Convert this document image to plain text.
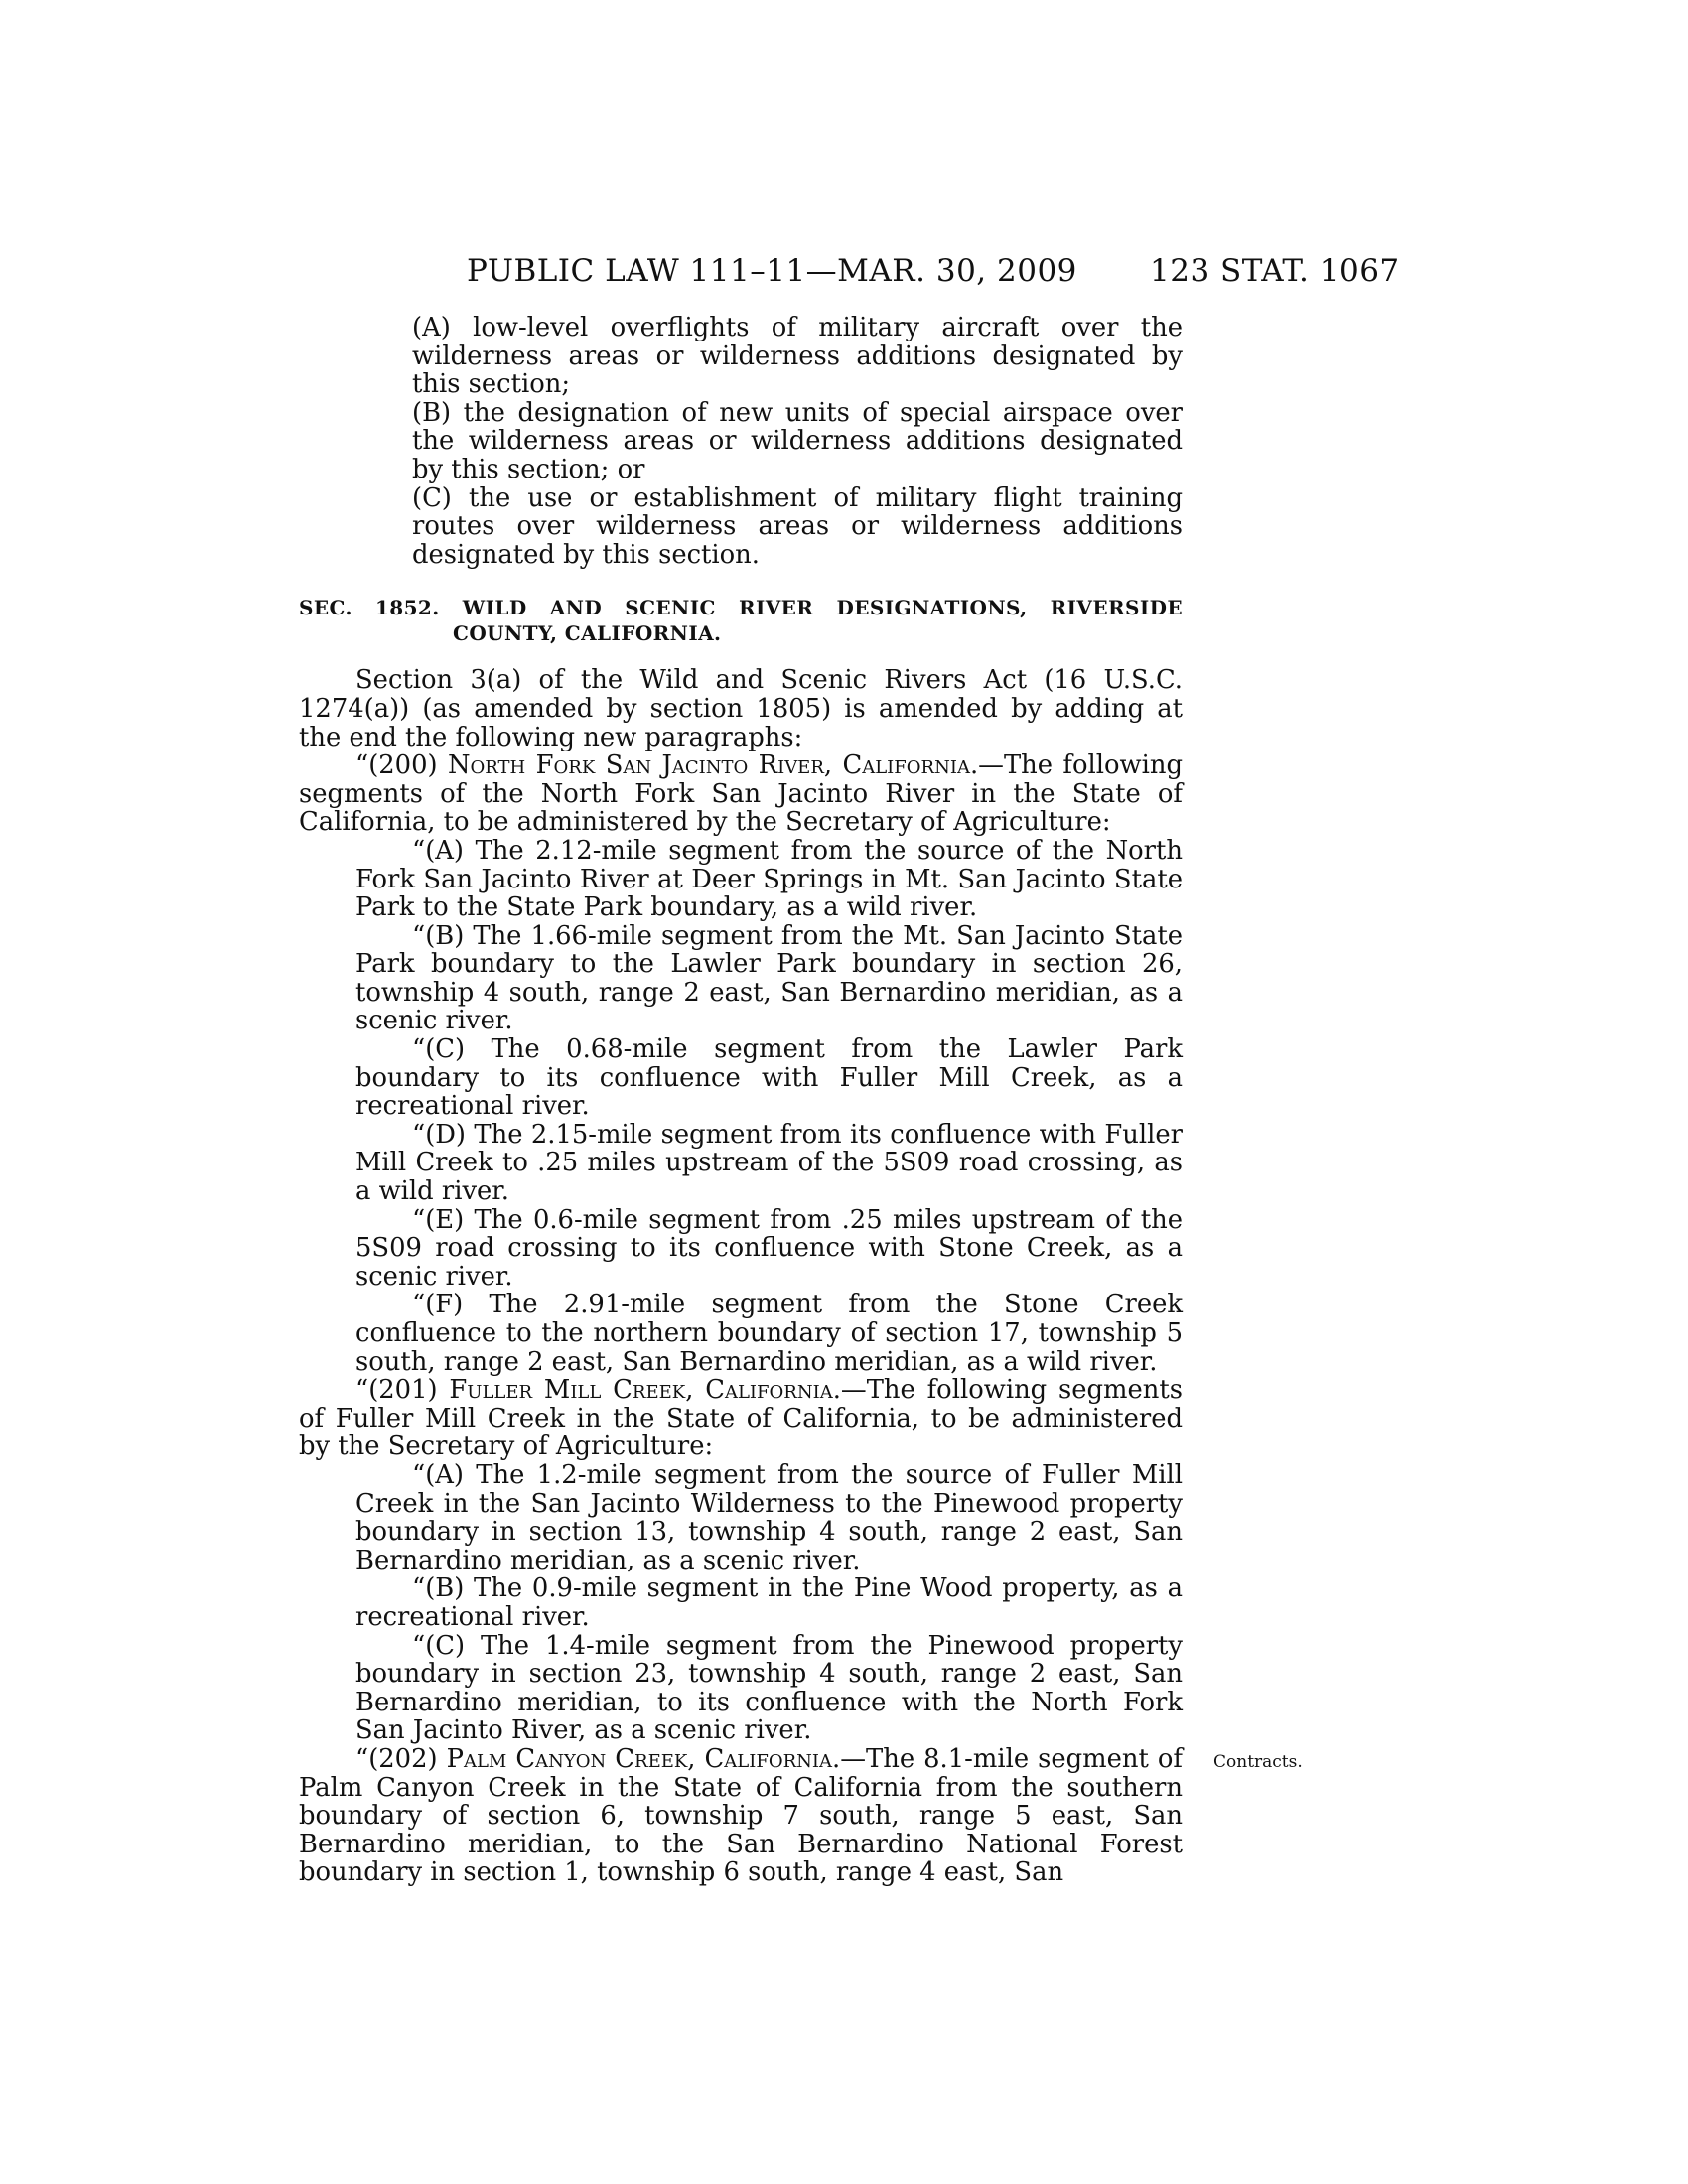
PUBLIC LAW 111–11—MAR. 30, 2009 123 STAT. 1067

(A) low-level overflights of military aircraft over the wilderness areas or wilderness additions designated by this section;

(B) the designation of new units of special airspace over the wilderness areas or wilderness additions designated by this section; or

(C) the use or establishment of military flight training routes over wilderness areas or wilderness additions designated by this section.

SEC. 1852. WILD AND SCENIC RIVER DESIGNATIONS, RIVERSIDE COUNTY, CALIFORNIA.

Section 3(a) of the Wild and Scenic Rivers Act (16 U.S.C. 1274(a)) (as amended by section 1805) is amended by adding at the end the following new paragraphs:

“(200) North Fork San Jacinto River, California.—The following segments of the North Fork San Jacinto River in the State of California, to be administered by the Secretary of Agriculture:

“(A) The 2.12-mile segment from the source of the North Fork San Jacinto River at Deer Springs in Mt. San Jacinto State Park to the State Park boundary, as a wild river.

“(B) The 1.66-mile segment from the Mt. San Jacinto State Park boundary to the Lawler Park boundary in section 26, township 4 south, range 2 east, San Bernardino meridian, as a scenic river.

“(C) The 0.68-mile segment from the Lawler Park boundary to its confluence with Fuller Mill Creek, as a recreational river.

“(D) The 2.15-mile segment from its confluence with Fuller Mill Creek to .25 miles upstream of the 5S09 road crossing, as a wild river.

“(E) The 0.6-mile segment from .25 miles upstream of the 5S09 road crossing to its confluence with Stone Creek, as a scenic river.

“(F) The 2.91-mile segment from the Stone Creek confluence to the northern boundary of section 17, township 5 south, range 2 east, San Bernardino meridian, as a wild river.

“(201) Fuller Mill Creek, California.—The following segments of Fuller Mill Creek in the State of California, to be administered by the Secretary of Agriculture:

“(A) The 1.2-mile segment from the source of Fuller Mill Creek in the San Jacinto Wilderness to the Pinewood property boundary in section 13, township 4 south, range 2 east, San Bernardino meridian, as a scenic river.

“(B) The 0.9-mile segment in the Pine Wood property, as a recreational river.

“(C) The 1.4-mile segment from the Pinewood property boundary in section 23, township 4 south, range 2 east, San Bernardino meridian, to its confluence with the North Fork San Jacinto River, as a scenic river.

“(202) Palm Canyon Creek, California.—The 8.1-mile segment of Palm Canyon Creek in the State of California from the southern boundary of section 6, township 7 south, range 5 east, San Bernardino meridian, to the San Bernardino National Forest boundary in section 1, township 6 south, range 4 east, San

Contracts.
